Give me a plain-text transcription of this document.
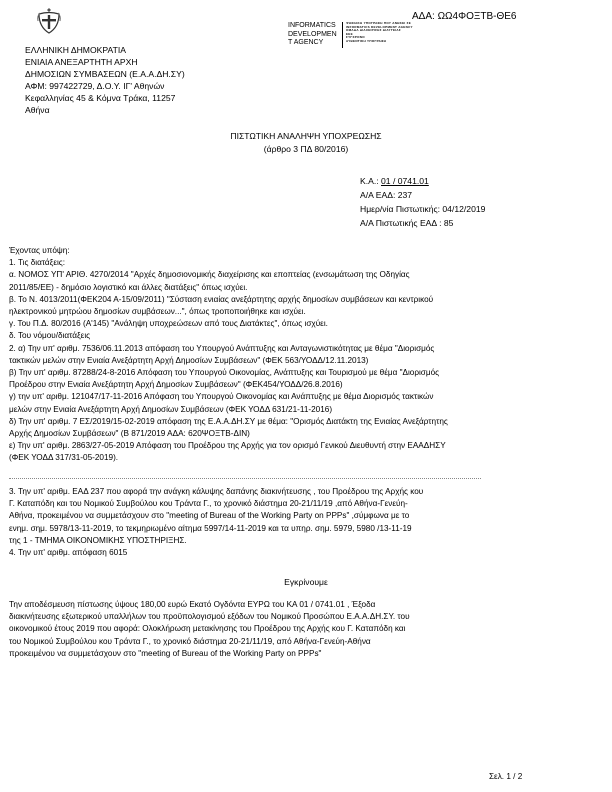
ΕΛΛΗΝΙΚΗ ΔΗΜΟΚΡΑΤΙΑ
ΕΝΙΑΙΑ ΑΝΕΞΑΡΤΗΤΗ ΑΡΧΗ
ΔΗΜΟΣΙΩΝ ΣΥΜΒΑΣΕΩΝ (Ε.Α.Α.ΔΗ.ΣΥ)
ΑΦΜ: 997422729, Δ.Ο.Υ. ΙΓ' Αθηνών
Κεφαλληνίας 45 & Κόμνα Τράκα, 11257
Αθήνα
INFORMATICS
DEVELOPMEN
T AGENCY
ΨΗΦΙΑΚΗ ΥΠΟΓΡΑΦΗ ΠΟΥ ΑΝΗΚΕΙ ΣΕ
INFORMATICS DEVELOPMENT AGENCY
ΟΜΑΔΑ ΔΙΑΧΕΙΡΙΣΗΣ ΔΙΑΥΓΕΙΑΣ
ΕΕΕ
ΣΥΓΧΡΟΝΟ
ΑΥΘΕΝΤΙΚΗ ΥΠΟΓΡΑΦΗ
ΑΔΑ: ΩΩ4ΦΟΞΤΒ-ΘΕ6
ΠΙΣΤΩΤΙΚΗ ΑΝΑΛΗΨΗ ΥΠΟΧΡΕΩΣΗΣ
(άρθρο 3 ΠΔ 80/2016)
Κ.Α.: 01 / 0741.01
Α/Α ΕΑΔ: 237
Ημερ/νία Πιστωτικής: 04/12/2019
Α/Α Πιστωτικής ΕΑΔ : 85
Έχοντας υπόψη:
1. Τις διατάξεις:
α. ΝΟΜΟΣ ΥΠ' ΑΡΙΘ. 4270/2014 "Αρχές δημοσιονομικής διαχείρισης και εποπτείας (ενσωμάτωση της Οδηγίας
2011/85/ΕΕ) - δημόσιο λογιστικό και άλλες διατάξεις" όπως ισχύει.
β. Το Ν. 4013/2011(ΦΕΚ204 Α-15/09/2011) "Σύσταση ενιαίας ανεξάρτητης αρχής δημοσίων συμβάσεων και κεντρικού
ηλεκτρονικού μητρώου δημοσίων συμβάσεων...", όπως τροποποιήθηκε και ισχύει.
γ. Του Π.Δ. 80/2016 (Α'145) "Ανάληψη υποχρεώσεων από τους Διατάκτες", όπως ισχύει.
δ. Του νόμου/διατάξεις
2. α) Την υπ' αριθμ. 7536/06.11.2013 απόφαση του Υπουργού Ανάπτυξης και Ανταγωνιστικότητας με θέμα "Διορισμός
τακτικών μελών στην Ενιαία Ανεξάρτητη Αρχή Δημοσίων Συμβάσεων" (ΦΕΚ 563/ΥΟΔΔ/12.11.2013)
β) Την υπ' αριθμ. 87288/24-8-2016 Απόφαση του Υπουργού Οικονομίας, Ανάπτυξης και Τουρισμού με θέμα "Διορισμός
Προέδρου στην Ενιαία Ανεξάρτητη Αρχή Δημοσίων Συμβάσεων" (ΦΕΚ454/ΥΟΔΔ/26.8.2016)
γ) την υπ' αριθμ. 121047/17-11-2016 Απόφαση του Υπουργού Οικονομίας και Ανάπτυξης με θέμα Διορισμός τακτικών
μελών στην Ενιαία Ανεξάρτητη Αρχή Δημοσίων Συμβάσεων (ΦΕΚ ΥΟΔΔ 631/21-11-2016)
δ) Την υπ' αριθμ. 7 ΕΣ/2019/15-02-2019 απόφαση της Ε.Α.Α.ΔΗ.ΣΥ με θέμα: "Ορισμός Διατάκτη της Ενιαίας Ανεξάρτητης
Αρχής Δημοσίων Συμβάσεων" (Β 871/2019 ΑΔΑ: 620ΨΟΞΤΒ-ΔΙΝ)
ε) Την υπ' αριθμ. 2863/27-05-2019 Απόφαση του Προέδρου της Αρχής για τον ορισμό Γενικού Διευθυντή στην ΕΑΑΔΗΣΥ
(ΦΕΚ ΥΟΔΔ 317/31-05-2019).
3. Την υπ' αριθμ. ΕΑΔ 237 που αφορά την ανάγκη κάλυψης δαπάνης διακινήτευσης , του Προέδρου της Αρχής κου
Γ. Καταπόδη και του Νομικού Συμβούλου κου Τράντα Γ., το χρονικό διάστημα 20-21/11/19 ,από Αθήνα-Γενεύη-
Αθήνα, προκειμένου να συμμετάσχουν στο "meeting of Bureau of the Working Party on PPPs" ,σύμφωνα με το
ενημ. σημ. 5978/13-11-2019, το τεκμηριωμένο αίτημα 5997/14-11-2019 και τα υπηρ. σημ. 5979, 5980 /13-11-19
της 1 - ΤΜΗΜΑ ΟΙΚΟΝΟΜΙΚΗΣ ΥΠΟΣΤΗΡΙΞΗΣ.
4. Την υπ' αριθμ. απόφαση 6015
Εγκρίνουμε
Την αποδέσμευση πίστωσης ύψους 180,00 ευρώ Εκατό Ογδόντα ΕΥΡΩ του ΚΑ 01 / 0741.01 , Έξοδα
διακινήτευσης εξωτερικού υπαλλήλων του προϋπολογισμού εξόδων του Νομικού Προσώπου Ε.Α.Α.ΔΗ.ΣΥ. του
οικονομικού έτους 2019 που αφορά: Ολοκλήρωση μετακίνησης του Προέδρου της Αρχής κου Γ. Καταπόδη και
του Νομικού Συμβούλου κου Τράντα Γ., το χρονικό διάστημα 20-21/11/19, από Αθήνα-Γενεύη-Αθήνα
προκειμένου να συμμετάσχουν στο "meeting of Bureau of the Working Party on PPPs"
Σελ. 1 / 2
